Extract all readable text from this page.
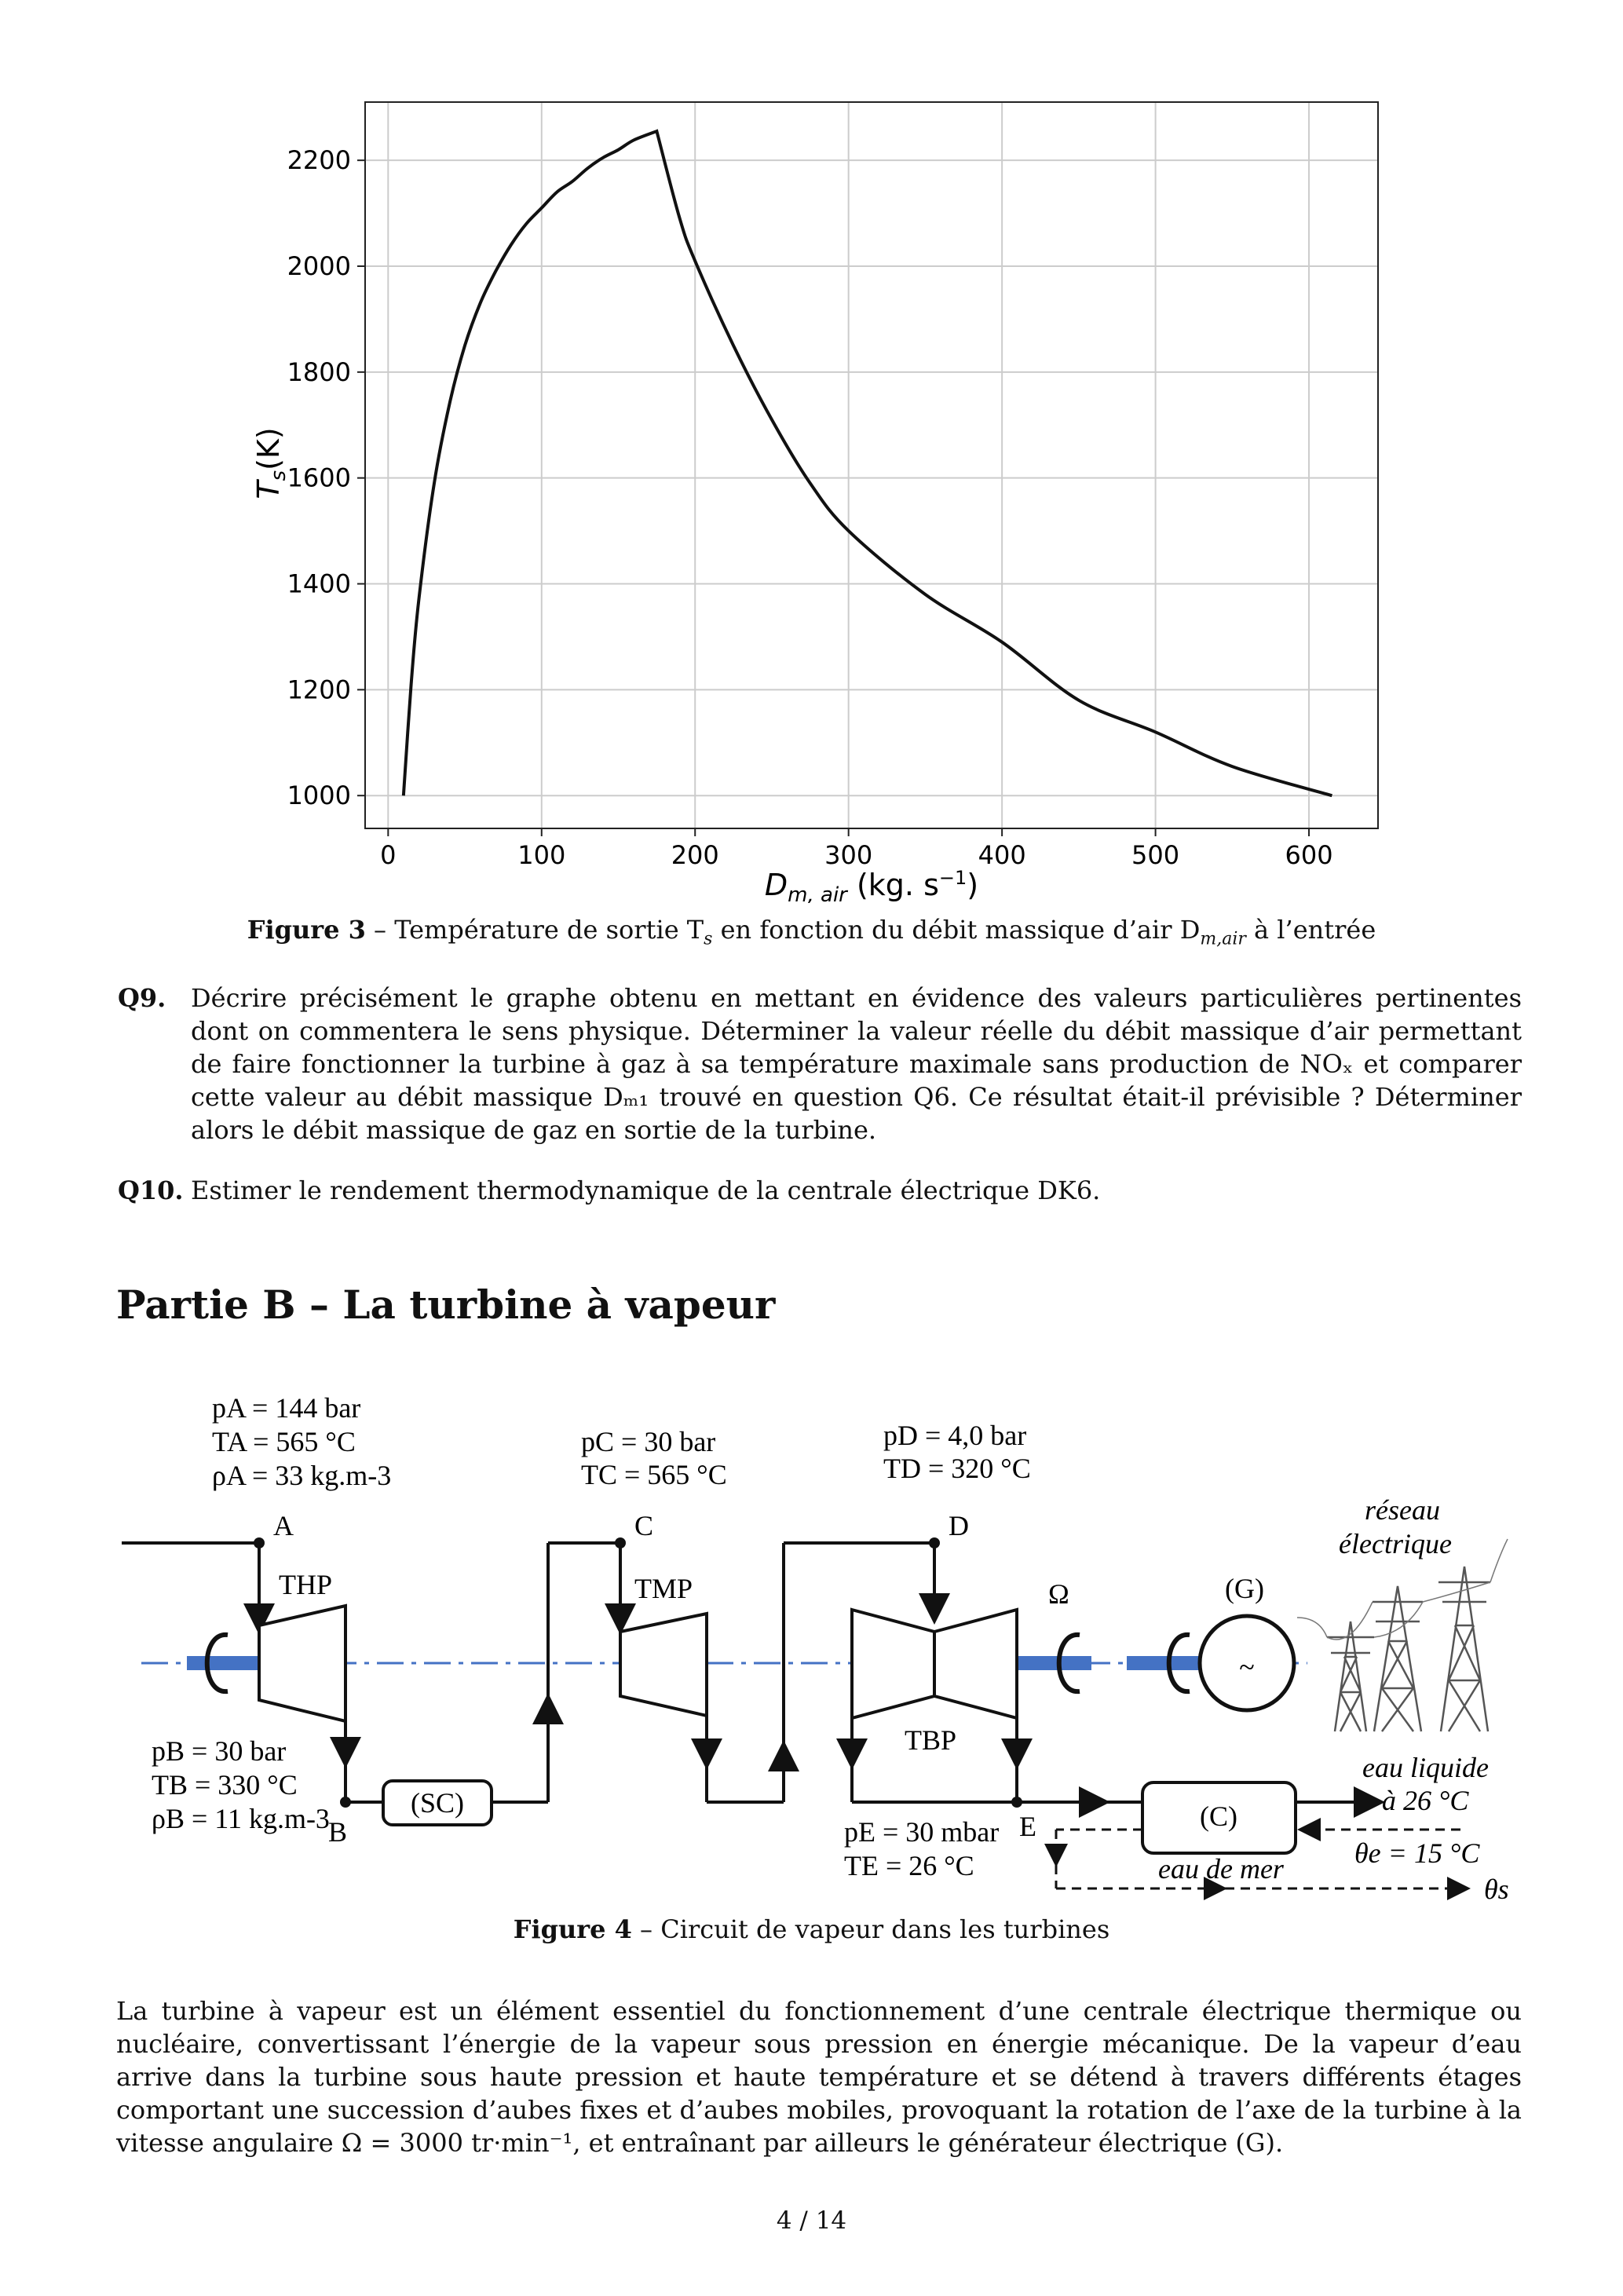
0	100	200	300	400	500	600
1000
1200
1400
1600
1800
2000
2200
$D_{m, air}$ (kg. $s^{-1}$)
$T_s(K)$
Figure 3 – Température de sortie $T_s$ en fonction du débit massique d’air $D_{m,air}$ à l’entrée
Q9. Décrire précisément le graphe obtenu en mettant en évidence des valeurs particulières pertinentes dont on commentera le sens physique. Déterminer la valeur réelle du débit massique d’air permettant de faire fonctionner la turbine à gaz à sa température maximale sans production de NOₓ et comparer cette valeur au débit massique Dₘ₁ trouvé en question Q6. Ce résultat était-il prévisible ? Déterminer alors le débit massique de gaz en sortie de la turbine.
Q10. Estimer le rendement thermodynamique de la centrale électrique DK6.
Partie B – La turbine à vapeur
pA = 144 bar
TA = 565 °C
ρA = 33 kg.m-3
pC = 30 bar
TC = 565 °C
pD = 4,0 bar
TD = 320 °C
pB = 30 bar
TB = 330 °C
ρB = 11 kg.m-3	pE = 30 mbar
TE = 26 °C
A
Ω
THP
B
(SC)
C
TMP
D
TBP
E	(C)
eau liquide
à 26 °C
eau de mer	θe = 15 °C
θs
~
(G)
réseau
électrique
Figure 4 – Circuit de vapeur dans les turbines
La turbine à vapeur est un élément essentiel du fonctionnement d’une centrale électrique thermique ou nucléaire, convertissant l’énergie de la vapeur sous pression en énergie mécanique. De la vapeur d’eau arrive dans la turbine sous haute pression et haute température et se détend à travers différents étages comportant une succession d’aubes fixes et d’aubes mobiles, provoquant la rotation de l’axe de la turbine à la vitesse angulaire Ω = 3000 tr·min⁻¹, et entraînant par ailleurs le générateur électrique (G).
4 / 14
